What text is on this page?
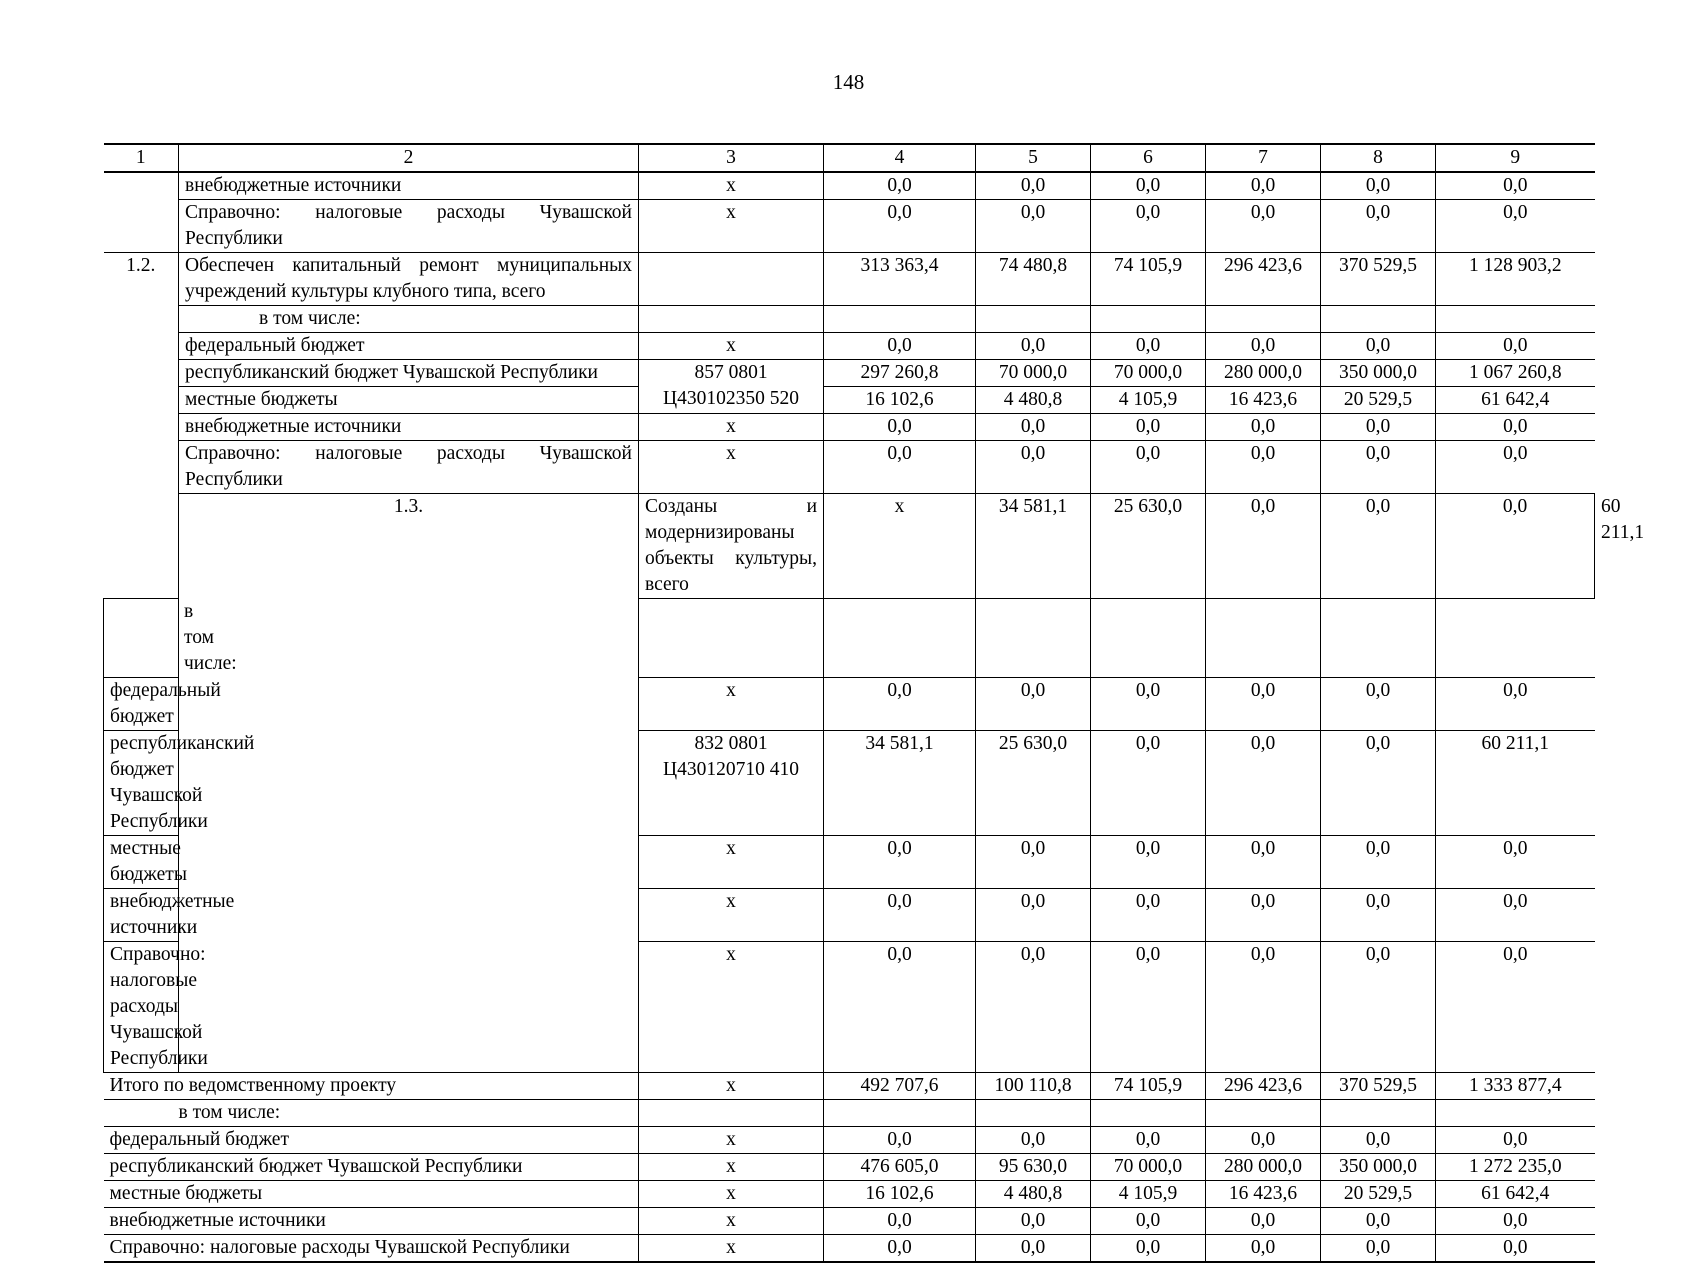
148
1	2	3	4	5	6	7	8	9	
	внебюджетные источники	x	0,0	0,0	0,0	0,0	0,0	0,0	
	Справочно: налоговые расходы Чувашской Республики	x	0,0	0,0	0,0	0,0	0,0	0,0	
1.2.	Обеспечен капитальный ремонт муниципальных учреждений культуры клубного типа, всего		313 363,4	74 480,8	74 105,9	296 423,6	370 529,5	1 128 903,2	
	в том числе:								
	федеральный бюджет	x	0,0	0,0	0,0	0,0	0,0	0,0	
	республиканский бюджет Чувашской Республики	857 0801 Ц430102350 520	297 260,8	70 000,0	70 000,0	280 000,0	350 000,0	1 067 260,8	
	местные бюджеты		16 102,6	4 480,8	4 105,9	16 423,6	20 529,5	61 642,4	
	внебюджетные источники	x	0,0	0,0	0,0	0,0	0,0	0,0	
	Справочно: налоговые расходы Чувашской Республики	x	0,0	0,0	0,0	0,0	0,0	0,0	
	1.3.	Созданы и модернизированы объекты культуры, всего	x	34 581,1	25 630,0	0,0	0,0	0,0	60 211,1
в том числе:									
федеральный бюджет		x	0,0	0,0	0,0	0,0	0,0	0,0	
республиканский бюджет Чувашской Республики		832 0801 Ц430120710 410	34 581,1	25 630,0	0,0	0,0	0,0	60 211,1	
местные бюджеты		x	0,0	0,0	0,0	0,0	0,0	0,0	
внебюджетные источники		x	0,0	0,0	0,0	0,0	0,0	0,0	
Справочно: налоговые расходы Чувашской Республики		x	0,0	0,0	0,0	0,0	0,0	0,0	
Итого по ведомственному проекту		x	492 707,6	100 110,8	74 105,9	296 423,6	370 529,5	1 333 877,4	
в том числе:									
федеральный бюджет		x	0,0	0,0	0,0	0,0	0,0	0,0	
республиканский бюджет Чувашской Республики		x	476 605,0	95 630,0	70 000,0	280 000,0	350 000,0	1 272 235,0	
местные бюджеты		x	16 102,6	4 480,8	4 105,9	16 423,6	20 529,5	61 642,4	
внебюджетные источники		x	0,0	0,0	0,0	0,0	0,0	0,0	
Справочно: налоговые расходы Чувашской Республики		x	0,0	0,0	0,0	0,0	0,0	0,0	
